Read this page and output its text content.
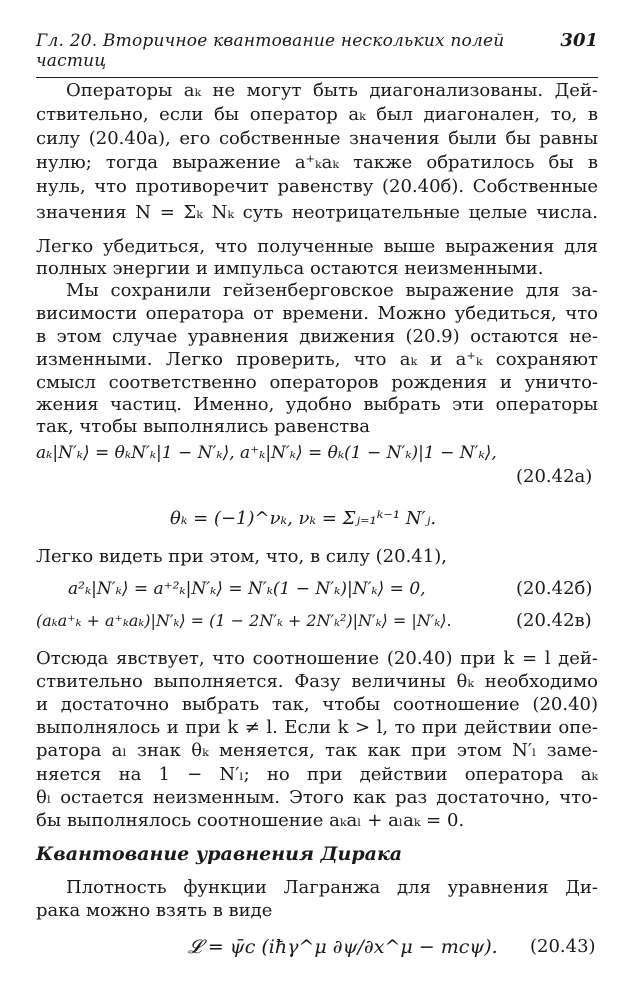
Гл. 20. Вторичное квантование нескольких полей частиц
301
Операторы aₖ не могут быть диагонализованы. Дей-
ствительно, если бы оператор aₖ был диагонален, то, в
силу (20.40а), его собственные значения были бы равны
нулю; тогда выражение a⁺ₖaₖ также обратилось бы в
нуль, что противоречит равенству (20.40б). Собственные
значения N = Σₖ Nₖ суть неотрицательные целые числа.
Легко убедиться, что полученные выше выражения для
полных энергии и импульса остаются неизменными.
Мы сохранили гейзенберговское выражение для за-
висимости оператора от времени. Можно убедиться, что
в этом случае уравнения движения (20.9) остаются не-
изменными. Легко проверить, что aₖ и a⁺ₖ сохраняют
смысл соответственно операторов рождения и уничто-
жения частиц. Именно, удобно выбрать эти операторы
так, чтобы выполнялись равенства
aₖ|N′ₖ⟩ = θₖN′ₖ|1 − N′ₖ⟩, a⁺ₖ|N′ₖ⟩ = θₖ(1 − N′ₖ)|1 − N′ₖ⟩,
(20.42а)
θₖ = (−1)^νₖ, νₖ = Σⱼ₌₁ᵏ⁻¹ N′ⱼ.
Легко видеть при этом, что, в силу (20.41),
a²ₖ|N′ₖ⟩ = a⁺²ₖ|N′ₖ⟩ = N′ₖ(1 − N′ₖ)|N′ₖ⟩ = 0,	(20.42б)
(aₖa⁺ₖ + a⁺ₖaₖ)|N′ₖ⟩ = (1 − 2N′ₖ + 2N′ₖ²)|N′ₖ⟩ = |N′ₖ⟩.	(20.42в)
Отсюда явствует, что соотношение (20.40) при k = l дей-
ствительно выполняется. Фазу величины θₖ необходимо
и достаточно выбрать так, чтобы соотношение (20.40)
выполнялось и при k ≠ l. Если k > l, то при действии опе-
ратора aₗ знак θₖ меняется, так как при этом N′ₗ заме-
няется на 1 − N′ₗ; но при действии оператора aₖ
θₗ остается неизменным. Этого как раз достаточно, что-
бы выполнялось соотношение aₖaₗ + aₗaₖ = 0.
Квантование уравнения Дирака
Плотность функции Лагранжа для уравнения Ди-
рака можно взять в виде
𝓛 = ψ̄c (iħγ^μ ∂ψ/∂x^μ − mcψ). (20.43)
